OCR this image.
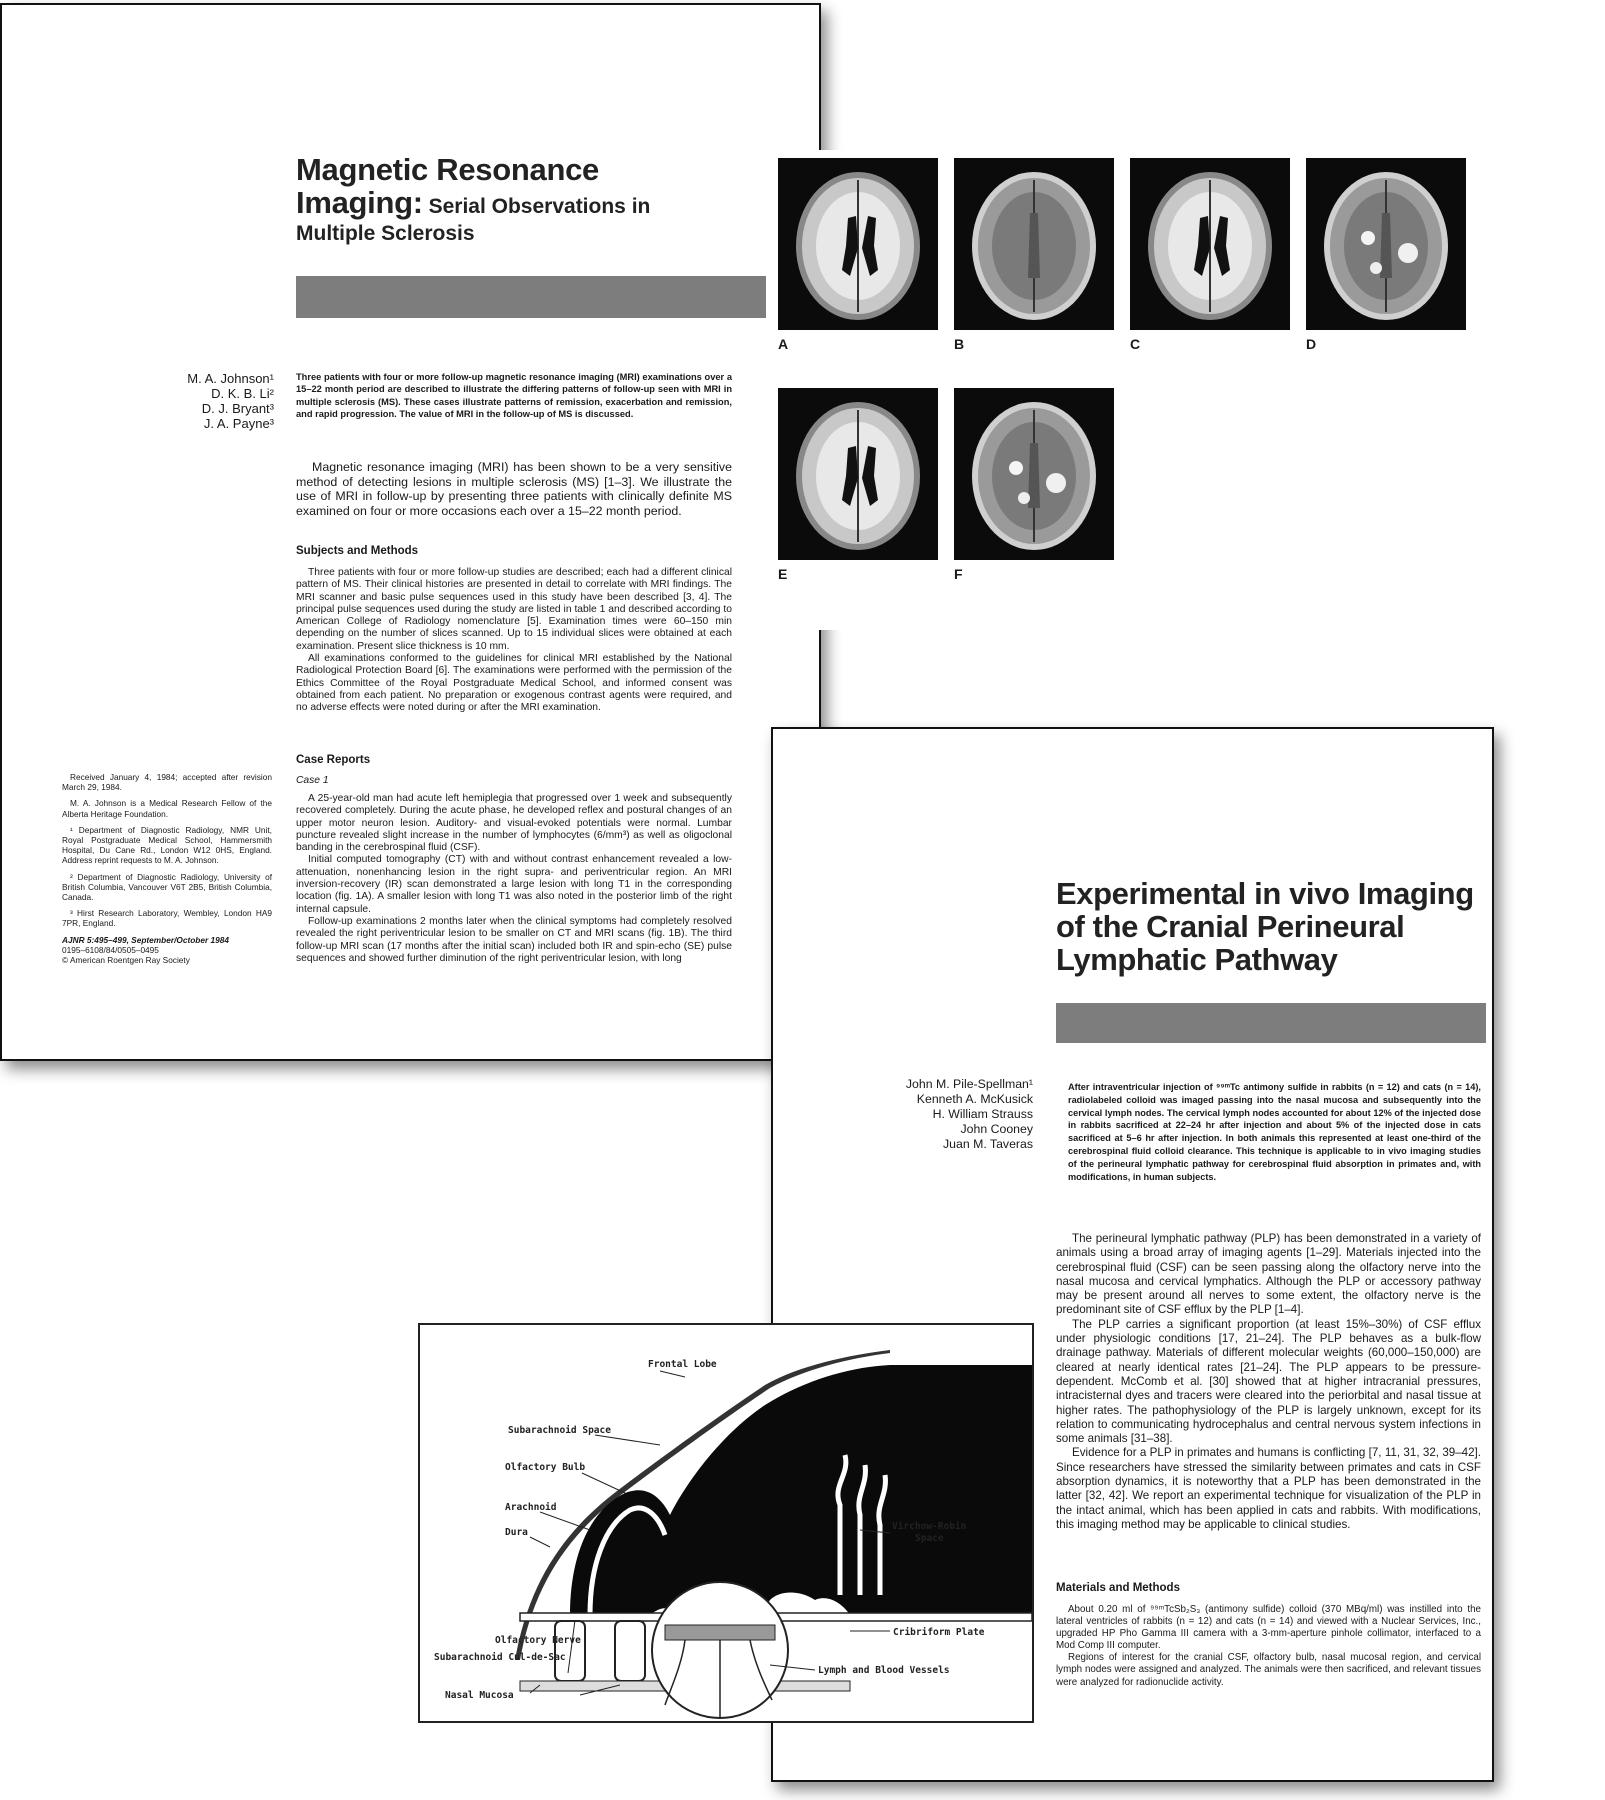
Magnetic Resonance
Imaging: Serial Observations in
Multiple Sclerosis
M. A. Johnson¹
D. K. B. Li²
D. J. Bryant³
J. A. Payne³
Three patients with four or more follow-up magnetic resonance imaging (MRI) examinations over a 15–22 month period are described to illustrate the differing patterns of follow-up seen with MRI in multiple sclerosis (MS). These cases illustrate patterns of remission, exacerbation and remission, and rapid progression. The value of MRI in the follow-up of MS is discussed.

Magnetic resonance imaging (MRI) has been shown to be a very sensitive method of detecting lesions in multiple sclerosis (MS) [1–3]. We illustrate the use of MRI in follow-up by presenting three patients with clinically definite MS examined on four or more occasions each over a 15–22 month period.

Subjects and Methods

Three patients with four or more follow-up studies are described; each had a different clinical pattern of MS. Their clinical histories are presented in detail to correlate with MRI findings. The MRI scanner and basic pulse sequences used in this study have been described [3, 4]. The principal pulse sequences used during the study are listed in table 1 and described according to American College of Radiology nomenclature [5]. Examination times were 60–150 min depending on the number of slices scanned. Up to 15 individual slices were obtained at each examination. Present slice thickness is 10 mm.

All examinations conformed to the guidelines for clinical MRI established by the National Radiological Protection Board [6]. The examinations were performed with the permission of the Ethics Committee of the Royal Postgraduate Medical School, and informed consent was obtained from each patient. No preparation or exogenous contrast agents were required, and no adverse effects were noted during or after the MRI examination.

Case Reports
Case 1

A 25-year-old man had acute left hemiplegia that progressed over 1 week and subsequently recovered completely. During the acute phase, he developed reflex and postural changes of an upper motor neuron lesion. Auditory- and visual-evoked potentials were normal. Lumbar puncture revealed slight increase in the number of lymphocytes (6/mm³) as well as oligoclonal banding in the cerebrospinal fluid (CSF).

Initial computed tomography (CT) with and without contrast enhancement revealed a low-attenuation, nonenhancing lesion in the right supra- and periventricular region. An MRI inversion-recovery (IR) scan demonstrated a large lesion with long T1 in the corresponding location (fig. 1A). A smaller lesion with long T1 was also noted in the posterior limb of the right internal capsule.

Follow-up examinations 2 months later when the clinical symptoms had completely resolved revealed the right periventricular lesion to be smaller on CT and MRI scans (fig. 1B). The third follow-up MRI scan (17 months after the initial scan) included both IR and spin-echo (SE) pulse sequences and showed further diminution of the right periventricular lesion, with long

Received January 4, 1984; accepted after revision March 29, 1984.

M. A. Johnson is a Medical Research Fellow of the Alberta Heritage Foundation.

¹ Department of Diagnostic Radiology, NMR Unit, Royal Postgraduate Medical School, Hammersmith Hospital, Du Cane Rd., London W12 0HS, England. Address reprint requests to M. A. Johnson.

² Department of Diagnostic Radiology, University of British Columbia, Vancouver V6T 2B5, British Columbia, Canada.

³ Hirst Research Laboratory, Wembley, London HA9 7PR, England.

AJNR 5:495–499, September/October 1984

0195–6108/84/0505–0495

© American Roentgen Ray Society

A	B	C	D
E	F
Experimental in vivo Imaging
of the Cranial Perineural
Lymphatic Pathway
John M. Pile-Spellman¹
Kenneth A. McKusick
H. William Strauss
John Cooney
Juan M. Taveras
After intraventricular injection of ⁹⁹ᵐTc antimony sulfide in rabbits (n = 12) and cats (n = 14), radiolabeled colloid was imaged passing into the nasal mucosa and subsequently into the cervical lymph nodes. The cervical lymph nodes accounted for about 12% of the injected dose in rabbits sacrificed at 22–24 hr after injection and about 5% of the injected dose in cats sacrificed at 5–6 hr after injection. In both animals this represented at least one-third of the cerebrospinal fluid colloid clearance. This technique is applicable to in vivo imaging studies of the perineural lymphatic pathway for cerebrospinal fluid absorption in primates and, with modifications, in human subjects.

The perineural lymphatic pathway (PLP) has been demonstrated in a variety of animals using a broad array of imaging agents [1–29]. Materials injected into the cerebrospinal fluid (CSF) can be seen passing along the olfactory nerve into the nasal mucosa and cervical lymphatics. Although the PLP or accessory pathway may be present around all nerves to some extent, the olfactory nerve is the predominant site of CSF efflux by the PLP [1–4].

The PLP carries a significant proportion (at least 15%–30%) of CSF efflux under physiologic conditions [17, 21–24]. The PLP behaves as a bulk-flow drainage pathway. Materials of different molecular weights (60,000–150,000) are cleared at nearly identical rates [21–24]. The PLP appears to be pressure-dependent. McComb et al. [30] showed that at higher intracranial pressures, intracisternal dyes and tracers were cleared into the periorbital and nasal tissue at higher rates. The pathophysiology of the PLP is largely unknown, except for its relation to communicating hydrocephalus and central nervous system infections in some animals [31–38].

Evidence for a PLP in primates and humans is conflicting [7, 11, 31, 32, 39–42]. Since researchers have stressed the similarity between primates and cats in CSF absorption dynamics, it is noteworthy that a PLP has been demonstrated in the latter [32, 42]. We report an experimental technique for visualization of the PLP in the intact animal, which has been applied in cats and rabbits. With modifications, this imaging method may be applicable to clinical studies.

Materials and Methods

About 0.20 ml of ⁹⁹ᵐTcSb₂S₃ (antimony sulfide) colloid (370 MBq/ml) was instilled into the lateral ventricles of rabbits (n = 12) and cats (n = 14) and viewed with a Nuclear Services, Inc., upgraded HP Pho Gamma III camera with a 3-mm-aperture pinhole collimator, interfaced to a Mod Comp III computer.

Regions of interest for the cranial CSF, olfactory bulb, nasal mucosal region, and cervical lymph nodes were assigned and analyzed. The animals were then sacrificed, and relevant tissues were analyzed for radionuclide activity.

Frontal Lobe
Subarachnoid Space
Olfactory Bulb
Arachnoid
Dura
Virchow-Robin
Space
Cribriform Plate
Olfactory Nerve
Subarachnoid Cul-de-Sac
Lymph and Blood Vessels
Nasal Mucosa
